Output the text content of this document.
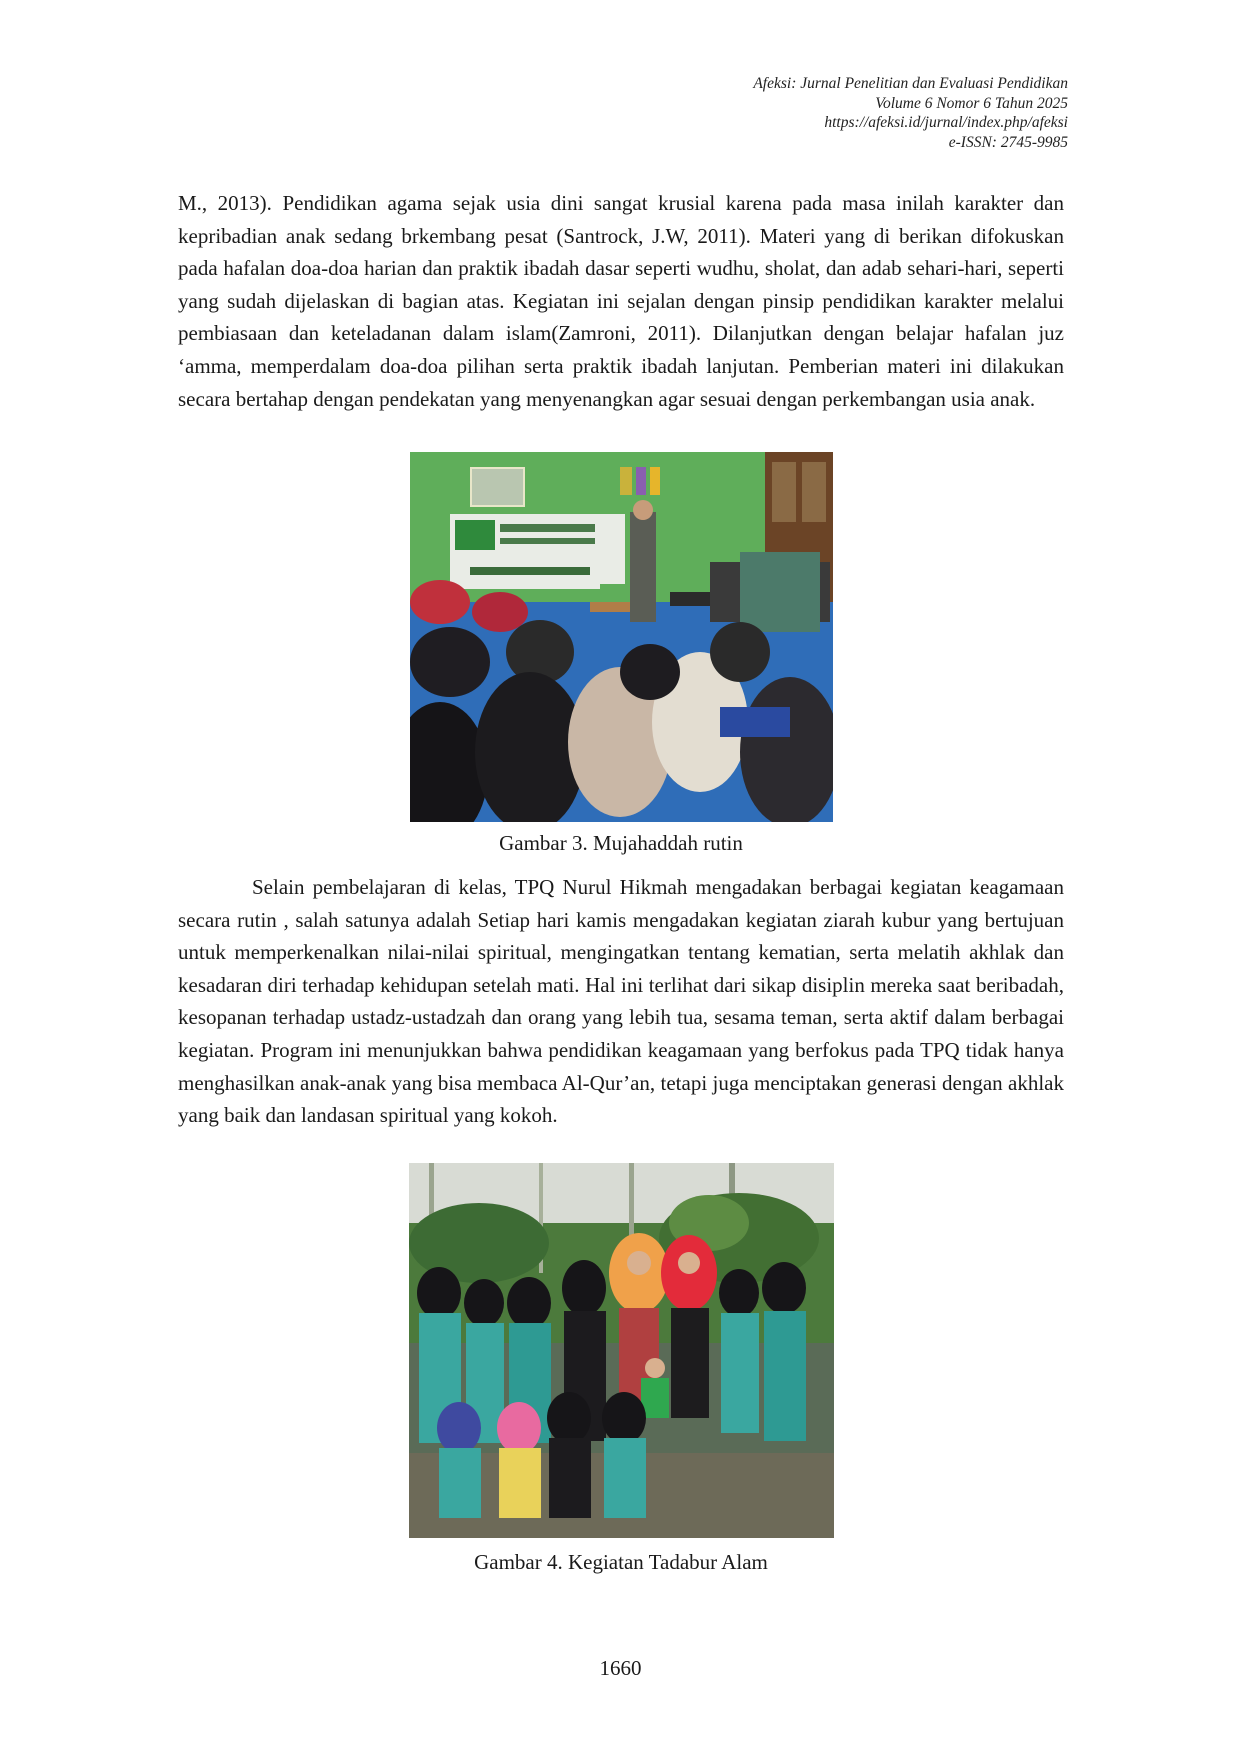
Afeksi: Jurnal Penelitian dan Evaluasi Pendidikan
Volume 6 Nomor 6 Tahun 2025
https://afeksi.id/jurnal/index.php/afeksi
e-ISSN: 2745-9985

M., 2013). Pendidikan agama sejak usia dini sangat krusial karena pada masa inilah karakter dan kepribadian anak sedang brkembang pesat (Santrock, J.W, 2011). Materi yang di berikan difokuskan pada hafalan doa-doa harian dan praktik ibadah dasar seperti wudhu, sholat, dan adab sehari-hari, seperti yang sudah dijelaskan di bagian atas. Kegiatan ini sejalan dengan pinsip pendidikan karakter melalui pembiasaan dan keteladanan dalam islam(Zamroni, 2011). Dilanjutkan dengan belajar hafalan juz ‘amma, memperdalam doa-doa pilihan serta praktik ibadah lanjutan. Pemberian materi ini dilakukan secara bertahap dengan pendekatan yang menyenangkan agar sesuai dengan perkembangan usia anak.

Gambar 3. Mujahaddah rutin

Selain pembelajaran di kelas, TPQ Nurul Hikmah mengadakan berbagai kegiatan keagamaan secara rutin , salah satunya adalah Setiap hari kamis mengadakan kegiatan ziarah kubur yang bertujuan untuk memperkenalkan nilai-nilai spiritual, mengingatkan tentang kematian, serta melatih akhlak dan kesadaran diri terhadap kehidupan setelah mati. Hal ini terlihat dari sikap disiplin mereka saat beribadah, kesopanan terhadap ustadz-ustadzah dan orang yang lebih tua, sesama teman, serta aktif dalam berbagai kegiatan. Program ini menunjukkan bahwa pendidikan keagamaan yang berfokus pada TPQ tidak hanya menghasilkan anak-anak yang bisa membaca Al-Qur’an, tetapi juga menciptakan generasi dengan akhlak yang baik dan landasan spiritual yang kokoh.

Gambar 4. Kegiatan Tadabur Alam

1660
